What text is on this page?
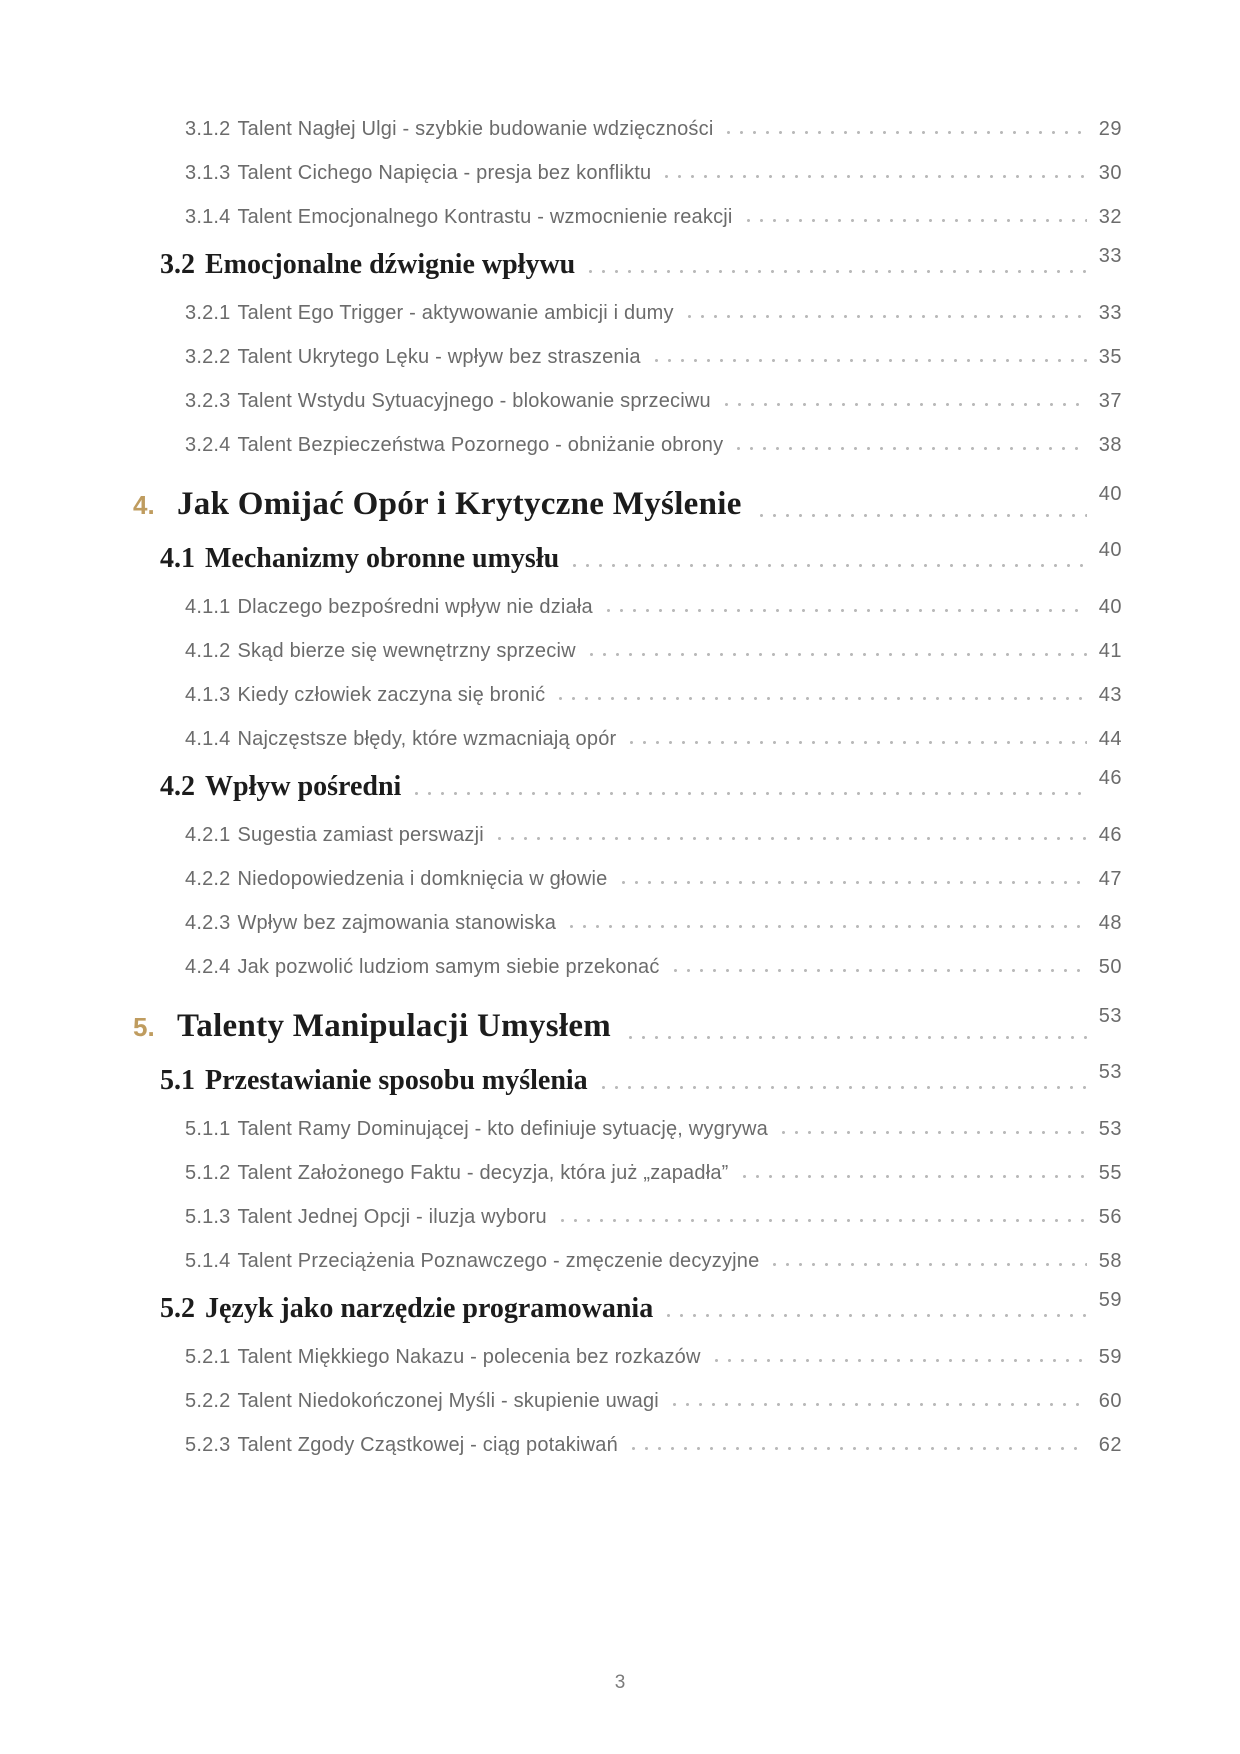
3.1.2 Talent Nagłej Ulgi - szybkie budowanie wdzięczności	29
3.1.3 Talent Cichego Napięcia - presja bez konfliktu	30
3.1.4 Talent Emocjonalnego Kontrastu - wzmocnienie reakcji	32
3.2 Emocjonalne dźwignie wpływu	33
3.2.1 Talent Ego Trigger - aktywowanie ambicji i dumy	33
3.2.2 Talent Ukrytego Lęku - wpływ bez straszenia	35
3.2.3 Talent Wstydu Sytuacyjnego - blokowanie sprzeciwu	37
3.2.4 Talent Bezpieczeństwa Pozornego - obniżanie obrony	38
4. Jak Omijać Opór i Krytyczne Myślenie	40
4.1 Mechanizmy obronne umysłu	40
4.1.1 Dlaczego bezpośredni wpływ nie działa	40
4.1.2 Skąd bierze się wewnętrzny sprzeciw	41
4.1.3 Kiedy człowiek zaczyna się bronić	43
4.1.4 Najczęstsze błędy, które wzmacniają opór	44
4.2 Wpływ pośredni	46
4.2.1 Sugestia zamiast perswazji	46
4.2.2 Niedopowiedzenia i domknięcia w głowie	47
4.2.3 Wpływ bez zajmowania stanowiska	48
4.2.4 Jak pozwolić ludziom samym siebie przekonać	50
5. Talenty Manipulacji Umysłem	53
5.1 Przestawianie sposobu myślenia	53
5.1.1 Talent Ramy Dominującej - kto definiuje sytuację, wygrywa	53
5.1.2 Talent Założonego Faktu - decyzja, która już „zapadła”	55
5.1.3 Talent Jednej Opcji - iluzja wyboru	56
5.1.4 Talent Przeciążenia Poznawczego - zmęczenie decyzyjne	58
5.2 Język jako narzędzie programowania	59
5.2.1 Talent Miękkiego Nakazu - polecenia bez rozkazów	59
5.2.2 Talent Niedokończonej Myśli - skupienie uwagi	60
5.2.3 Talent Zgody Cząstkowej - ciąg potakiwań	62
3
